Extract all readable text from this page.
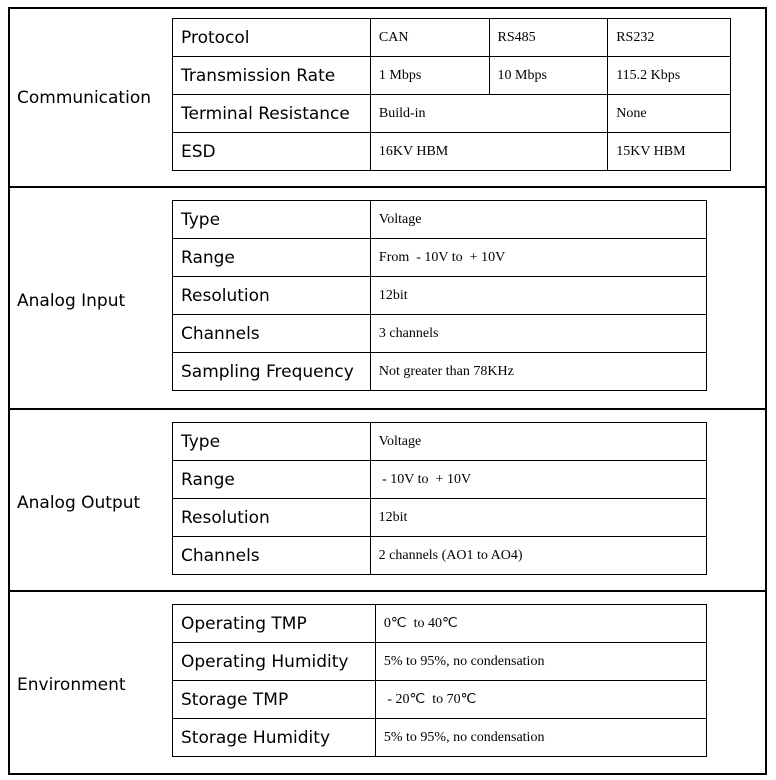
Communication
Protocol	CAN	RS485	RS232
Transmission Rate	1 Mbps	10 Mbps	115.2 Kbps
Terminal Resistance	Build-in		None
ESD	16KV HBM		15KV HBM
Analog Input
Type	Voltage
Range	From  - 10V to  + 10V
Resolution	12bit
Channels	3 channels
Sampling Frequency	Not greater than 78KHz
Analog Output
Type	Voltage
Range	- 10V to  + 10V
Resolution	12bit
Channels	2 channels (AO1 to AO4)
Environment
Operating TMP	0℃  to 40℃
Operating Humidity	5% to 95%, no condensation
Storage TMP	- 20℃  to 70℃
Storage Humidity	5% to 95%, no condensation
